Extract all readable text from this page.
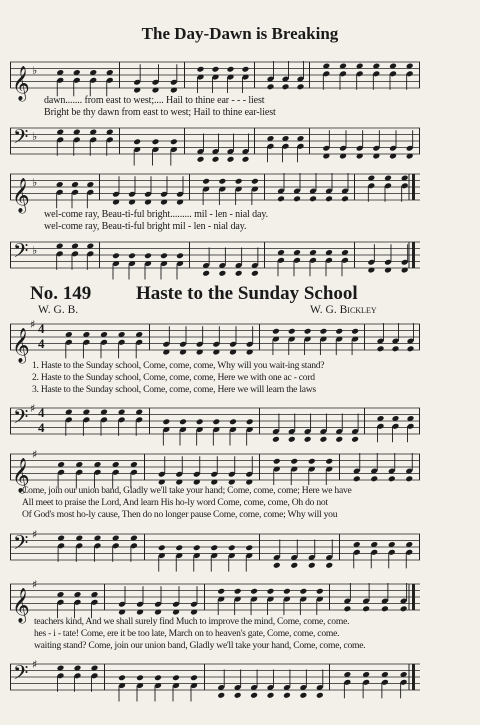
The Day-Dawn is Breaking
𝄞 ♭
dawn....... from east to west;.... Hail to thine ear - - - liest
Bright be thy dawn from east to west; Hail to thine ear-liest
𝄢 ♭
𝄞 ♭
wel-come ray, Beau-ti-ful bright......... mil - len - nial day.
wel-come ray, Beau-ti-ful bright mil - len - nial day.
𝄢 ♭
No. 149 Haste to the Sunday School
W. G. B.	W. G. Bickley
𝄞
♯ 4
4
1. Haste to the Sunday school, Come, come, come, Why will you wait-ing stand?
2. Haste to the Sunday school, Come, come, come, Here we with one ac - cord
3. Haste to the Sunday school, Come, come, come, Here we will learn the laws
𝄢 ♯ 4
4
𝄞
♯
Come, join our union band, Gladly we'll take your hand; Come, come, come; Here we have
All meet to praise the Lord, And learn His ho-ly word Come, come, come, Oh do not
Of God's most ho-ly cause, Then do no longer pause Come, come, come; Why will you
𝄢 ♯
𝄞
♯
teachers kind, And we shall surely find Much to improve the mind, Come, come, come.
hes - i - tate! Come, ere it be too late, March on to heaven's gate, Come, come, come.
waiting stand? Come, join our union band, Gladly we'll take your hand, Come, come, come.
𝄢 ♯
